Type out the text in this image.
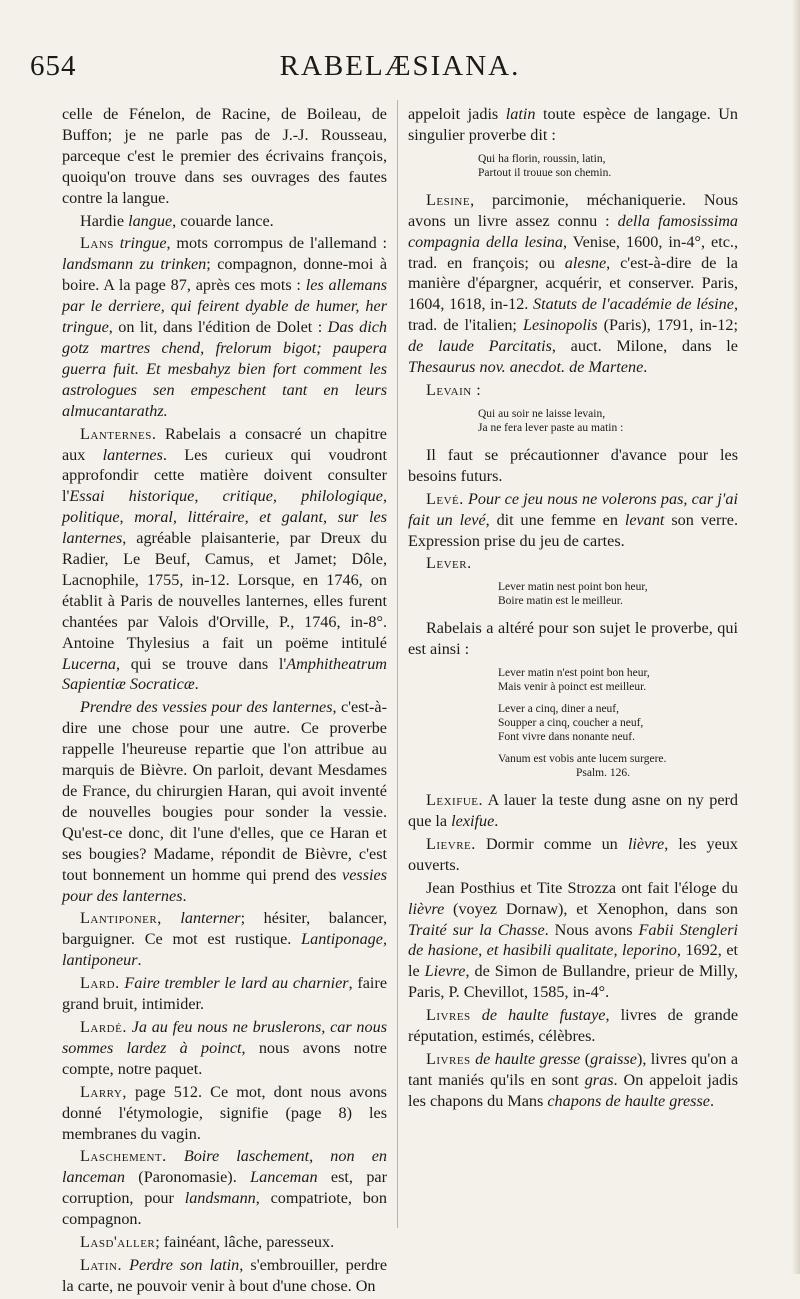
654	RABELÆSIANA.

celle de Fénelon, de Racine, de Boileau, de Buffon; je ne parle pas de J.-J. Rousseau, parceque c'est le premier des écrivains françois, quoiqu'on trouve dans ses ouvrages des fautes contre la langue.

Hardie langue, couarde lance.

Lans tringue, mots corrompus de l'allemand : landsmann zu trinken; compagnon, donne-moi à boire. A la page 87, après ces mots : les allemans par le derriere, qui feirent dyable de humer, her tringue, on lit, dans l'édition de Dolet : Das dich gotz martres chend, frelorum bigot; paupera guerra fuit. Et mesbahyz bien fort comment les astrologues sen empeschent tant en leurs almucantarathz.

Lanternes. Rabelais a consacré un chapitre aux lanternes. Les curieux qui voudront approfondir cette matière doivent consulter l'Essai historique, critique, philologique, politique, moral, littéraire, et galant, sur les lanternes, agréable plaisanterie, par Dreux du Radier, Le Beuf, Camus, et Jamet; Dôle, Lacnophile, 1755, in-12. Lorsque, en 1746, on établit à Paris de nouvelles lanternes, elles furent chantées par Valois d'Orville, P., 1746, in-8°. Antoine Thylesius a fait un poëme intitulé Lucerna, qui se trouve dans l'Amphitheatrum Sapientiæ Socraticæ.

Prendre des vessies pour des lanternes, c'est-à-dire une chose pour une autre. Ce proverbe rappelle l'heureuse repartie que l'on attribue au marquis de Bièvre. On parloit, devant Mesdames de France, du chirurgien Haran, qui avoit inventé de nouvelles bougies pour sonder la vessie. Qu'est-ce donc, dit l'une d'elles, que ce Haran et ses bougies? Madame, répondit de Bièvre, c'est tout bonnement un homme qui prend des vessies pour des lanternes.

Lantiponer, lanterner; hésiter, balancer, barguigner. Ce mot est rustique. Lantiponage, lantiponeur.

Lard. Faire trembler le lard au charnier, faire grand bruit, intimider.

Lardé. Ja au feu nous ne bruslerons, car nous sommes lardez à poinct, nous avons notre compte, notre paquet.

Larry, page 512. Ce mot, dont nous avons donné l'étymologie, signifie (page 8) les membranes du vagin.

Laschement. Boire laschement, non en lanceman (Paronomasie). Lanceman est, par corruption, pour landsmann, compatriote, bon compagnon.

Lasd'aller; fainéant, lâche, paresseux.

Latin. Perdre son latin, s'embrouiller, perdre la carte, ne pouvoir venir à bout d'une chose. On

appeloit jadis latin toute espèce de langage. Un singulier proverbe dit :

Qui ha florin, roussin, latin,
Partout il trouue son chemin.

Lesine, parcimonie, méchaniquerie. Nous avons un livre assez connu : della famosissima compagnia della lesina, Venise, 1600, in-4°, etc., trad. en françois; ou alesne, c'est-à-dire de la manière d'épargner, acquérir, et conserver. Paris, 1604, 1618, in-12. Statuts de l'académie de lésine, trad. de l'italien; Lesinopolis (Paris), 1791, in-12; de laude Parcitatis, auct. Milone, dans le Thesaurus nov. anecdot. de Martene.

Levain :

Qui au soir ne laisse levain,
Ja ne fera lever paste au matin :

Il faut se précautionner d'avance pour les besoins futurs.

Levé. Pour ce jeu nous ne volerons pas, car j'ai fait un levé, dit une femme en levant son verre. Expression prise du jeu de cartes.

Lever.

Lever matin nest point bon heur,
Boire matin est le meilleur.

Rabelais a altéré pour son sujet le proverbe, qui est ainsi :

Lever matin n'est point bon heur,
Mais venir à poinct est meilleur.
Lever a cinq, diner a neuf,
Soupper a cinq, coucher a neuf,
Font vivre dans nonante neuf.
Vanum est vobis ante lucem surgere.
Psalm. 126.

Lexifue. A lauer la teste dung asne on ny perd que la lexifue.

Lievre. Dormir comme un lièvre, les yeux ouverts.

Jean Posthius et Tite Strozza ont fait l'éloge du lièvre (voyez Dornaw), et Xenophon, dans son Traité sur la Chasse. Nous avons Fabii Stengleri de hasione, et hasibili qualitate, leporino, 1692, et le Lievre, de Simon de Bullandre, prieur de Milly, Paris, P. Chevillot, 1585, in-4°.

Livres de haulte fustaye, livres de grande réputation, estimés, célèbres.

Livres de haulte gresse (graisse), livres qu'on a tant maniés qu'ils en sont gras. On appeloit jadis les chapons du Mans chapons de haulte gresse.
